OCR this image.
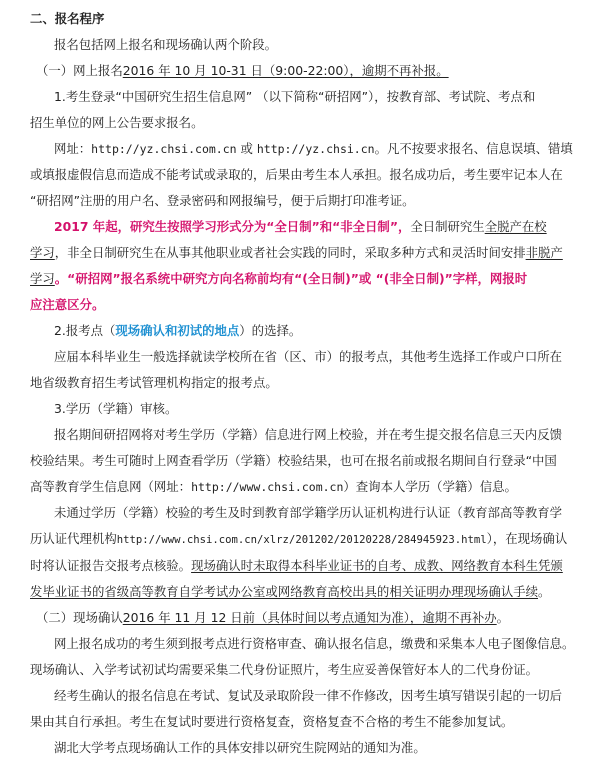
二、报名程序
报名包括网上报名和现场确认两个阶段。
（一）网上报名2016 年 10 月 10-31 日（9:00-22:00），逾期不再补报。
1.考生登录“中国研究生招生信息网” （以下简称“研招网”），按教育部、考试院、考点和
招生单位的网上公告要求报名。
网址：http://yz.chsi.com.cn 或 http://yz.chsi.cn。凡不按要求报名、信息误填、错填
或填报虚假信息而造成不能考试或录取的，后果由考生本人承担。报名成功后，考生要牢记本人在
“研招网”注册的用户名、登录密码和网报编号，便于后期打印准考证。
2017 年起，研究生按照学习形式分为“全日制”和“非全日制”，全日制研究生全脱产在校
学习，非全日制研究生在从事其他职业或者社会实践的同时，采取多种方式和灵活时间安排非脱产
学习。“研招网”报名系统中研究方向名称前均有“(全日制)”或 “(非全日制)”字样，网报时
应注意区分。
2.报考点（现场确认和初试的地点）的选择。
应届本科毕业生一般选择就读学校所在省（区、市）的报考点，其他考生选择工作或户口所在
地省级教育招生考试管理机构指定的报考点。
3.学历（学籍）审核。
报名期间研招网将对考生学历（学籍）信息进行网上校验，并在考生提交报名信息三天内反馈
校验结果。考生可随时上网查看学历（学籍）校验结果，也可在报名前或报名期间自行登录“中国
高等教育学生信息网（网址：http://www.chsi.com.cn）查询本人学历（学籍）信息。
未通过学历（学籍）校验的考生及时到教育部学籍学历认证机构进行认证（教育部高等教育学
历认证代理机构http://www.chsi.com.cn/xlrz/201202/20120228/284945923.html），在现场确认
时将认证报告交报考点核验。现场确认时未取得本科毕业证书的自考、成教、网络教育本科生凭颁
发毕业证书的省级高等教育自学考试办公室或网络教育高校出具的相关证明办理现场确认手续。
（二）现场确认2016 年 11 月 12 日前（具体时间以考点通知为准），逾期不再补办。
网上报名成功的考生须到报考点进行资格审查、确认报名信息，缴费和采集本人电子图像信息。
现场确认、入学考试初试均需要采集二代身份证照片，考生应妥善保管好本人的二代身份证。
经考生确认的报名信息在考试、复试及录取阶段一律不作修改，因考生填写错误引起的一切后
果由其自行承担。考生在复试时要进行资格复查，资格复查不合格的考生不能参加复试。
湖北大学考点现场确认工作的具体安排以研究生院网站的通知为准。
